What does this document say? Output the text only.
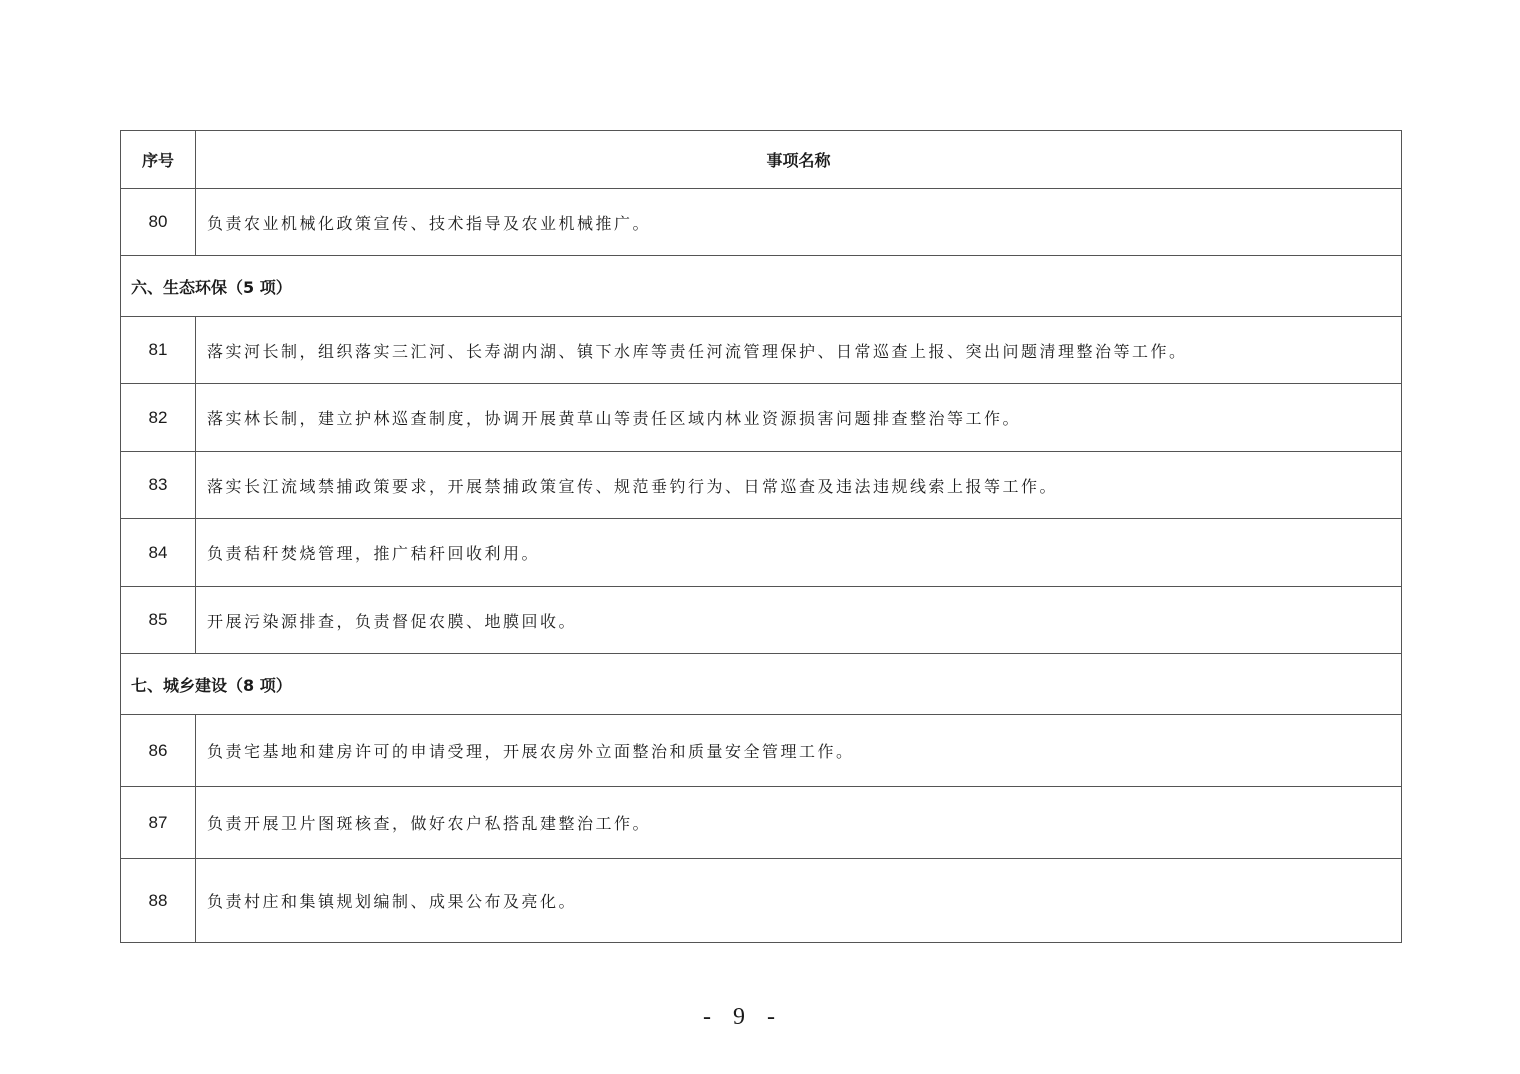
序号	事项名称
80	负责农业机械化政策宣传、技术指导及农业机械推广。
六、生态环保（5 项）	
81	落实河长制，组织落实三汇河、长寿湖内湖、镇下水库等责任河流管理保护、日常巡查上报、突出问题清理整治等工作。
82	落实林长制，建立护林巡查制度，协调开展黄草山等责任区域内林业资源损害问题排查整治等工作。
83	落实长江流域禁捕政策要求，开展禁捕政策宣传、规范垂钓行为、日常巡查及违法违规线索上报等工作。
84	负责秸秆焚烧管理，推广秸秆回收利用。
85	开展污染源排查，负责督促农膜、地膜回收。
七、城乡建设（8 项）	
86	负责宅基地和建房许可的申请受理，开展农房外立面整治和质量安全管理工作。
87	负责开展卫片图斑核查，做好农户私搭乱建整治工作。
88	负责村庄和集镇规划编制、成果公布及亮化。
- 9 -
